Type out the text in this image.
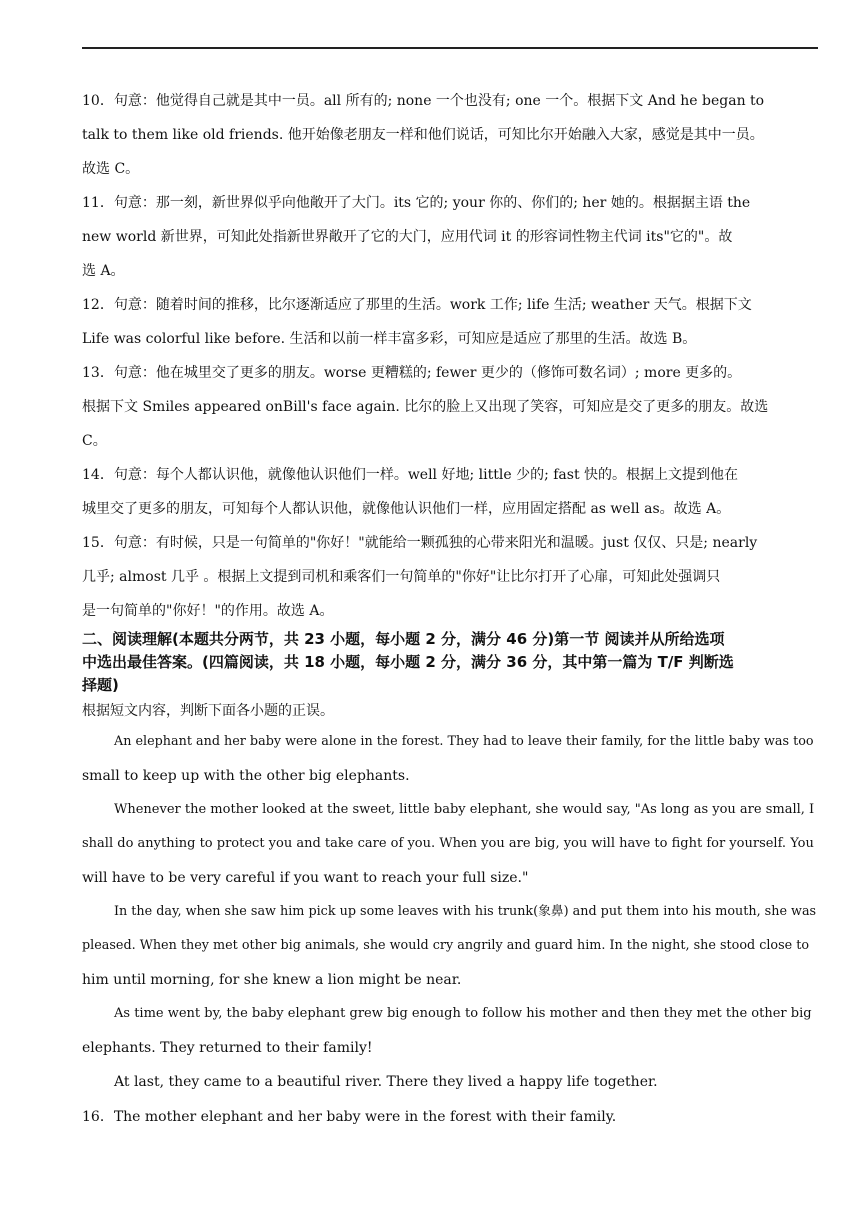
10．句意：他觉得自己就是其中一员。all 所有的; none 一个也没有; one 一个。根据下文 And he began to

talk to them like old friends. 他开始像老朋友一样和他们说话，可知比尔开始融入大家，感觉是其中一员。

故选 C。

11．句意：那一刻，新世界似乎向他敞开了大门。its 它的; your 你的、你们的; her 她的。根据据主语 the

new world 新世界，可知此处指新世界敞开了它的大门，应用代词 it 的形容词性物主代词 its"它的"。故

选 A。

12．句意：随着时间的推移，比尔逐渐适应了那里的生活。work 工作; life 生活; weather 天气。根据下文

Life was colorful like before. 生活和以前一样丰富多彩，可知应是适应了那里的生活。故选 B。

13．句意：他在城里交了更多的朋友。worse 更糟糕的; fewer 更少的（修饰可数名词）; more 更多的。

根据下文 Smiles appeared onBill's face again. 比尔的脸上又出现了笑容，可知应是交了更多的朋友。故选

C。

14．句意：每个人都认识他，就像他认识他们一样。well 好地; little 少的; fast 快的。根据上文提到他在

城里交了更多的朋友，可知每个人都认识他，就像他认识他们一样，应用固定搭配 as well as。故选 A。

15．句意：有时候，只是一句简单的"你好！"就能给一颗孤独的心带来阳光和温暖。just 仅仅、只是; nearly

几乎; almost 几乎 。根据上文提到司机和乘客们一句简单的"你好"让比尔打开了心扉，可知此处强调只

是一句简单的"你好！"的作用。故选 A。

二、阅读理解(本题共分两节，共 23 小题，每小题 2 分，满分 46 分)第一节 阅读并从所给选项

中选出最佳答案。(四篇阅读，共 18 小题，每小题 2 分，满分 36 分，其中第一篇为 T/F 判断选

择题)

根据短文内容，判断下面各小题的正误。

An elephant and her baby were alone in the forest. They had to leave their family, for the little baby was too

small to keep up with the other big elephants.

Whenever the mother looked at the sweet, little baby elephant, she would say, "As long as you are small, I

shall do anything to protect you and take care of you. When you are big, you will have to fight for yourself. You

will have to be very careful if you want to reach your full size."

In the day, when she saw him pick up some leaves with his trunk(象鼻) and put them into his mouth, she was

pleased. When they met other big animals, she would cry angrily and guard him. In the night, she stood close to

him until morning, for she knew a lion might be near.

As time went by, the baby elephant grew big enough to follow his mother and then they met the other big

elephants. They returned to their family!

At last, they came to a beautiful river. There they lived a happy life together.

16．The mother elephant and her baby were in the forest with their family.
